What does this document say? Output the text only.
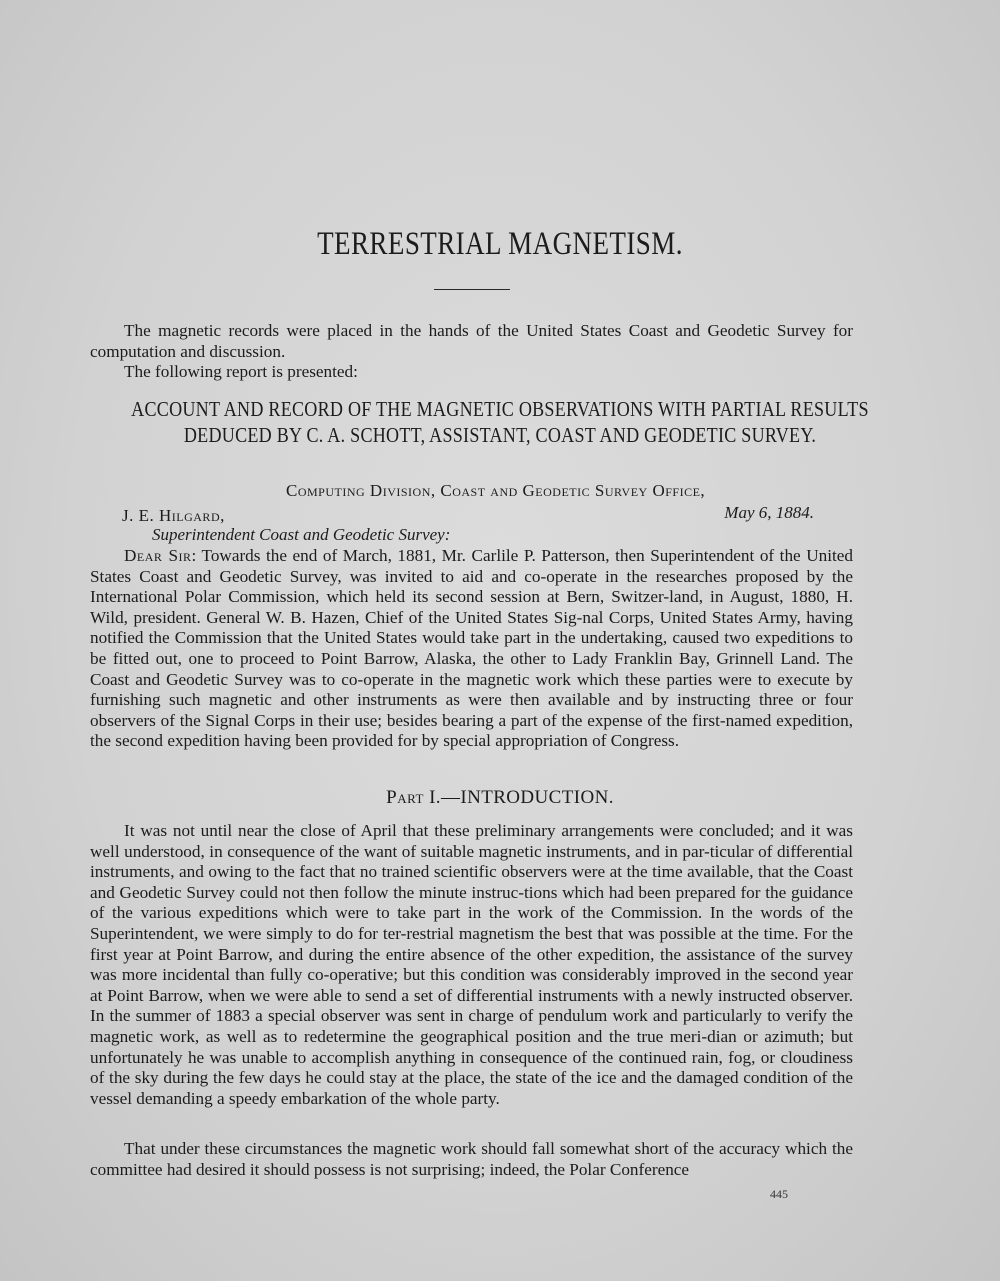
TERRESTRIAL MAGNETISM.
The magnetic records were placed in the hands of the United States Coast and Geodetic Survey for computation and discussion.
The following report is presented:
ACCOUNT AND RECORD OF THE MAGNETIC OBSERVATIONS WITH PARTIAL RESULTS
DEDUCED BY C. A. SCHOTT, ASSISTANT, COAST AND GEODETIC SURVEY.
Computing Division, Coast and Geodetic Survey Office,
May 6, 1884.
J. E. Hilgard,
Superintendent Coast and Geodetic Survey:
Dear Sir: Towards the end of March, 1881, Mr. Carlile P. Patterson, then Superintendent of the United States Coast and Geodetic Survey, was invited to aid and co-operate in the researches proposed by the International Polar Commission, which held its second session at Bern, Switzer-land, in August, 1880, H. Wild, president. General W. B. Hazen, Chief of the United States Sig-nal Corps, United States Army, having notified the Commission that the United States would take part in the undertaking, caused two expeditions to be fitted out, one to proceed to Point Barrow, Alaska, the other to Lady Franklin Bay, Grinnell Land. The Coast and Geodetic Survey was to co-operate in the magnetic work which these parties were to execute by furnishing such magnetic and other instruments as were then available and by instructing three or four observers of the Signal Corps in their use; besides bearing a part of the expense of the first-named expedition, the second expedition having been provided for by special appropriation of Congress.
Part I.—INTRODUCTION.
It was not until near the close of April that these preliminary arrangements were concluded; and it was well understood, in consequence of the want of suitable magnetic instruments, and in par-ticular of differential instruments, and owing to the fact that no trained scientific observers were at the time available, that the Coast and Geodetic Survey could not then follow the minute instruc-tions which had been prepared for the guidance of the various expeditions which were to take part in the work of the Commission. In the words of the Superintendent, we were simply to do for ter-restrial magnetism the best that was possible at the time. For the first year at Point Barrow, and during the entire absence of the other expedition, the assistance of the survey was more incidental than fully co-operative; but this condition was considerably improved in the second year at Point Barrow, when we were able to send a set of differential instruments with a newly instructed observer. In the summer of 1883 a special observer was sent in charge of pendulum work and particularly to verify the magnetic work, as well as to redetermine the geographical position and the true meri-dian or azimuth; but unfortunately he was unable to accomplish anything in consequence of the continued rain, fog, or cloudiness of the sky during the few days he could stay at the place, the state of the ice and the damaged condition of the vessel demanding a speedy embarkation of the whole party.
That under these circumstances the magnetic work should fall somewhat short of the accuracy which the committee had desired it should possess is not surprising; indeed, the Polar Conference
445
